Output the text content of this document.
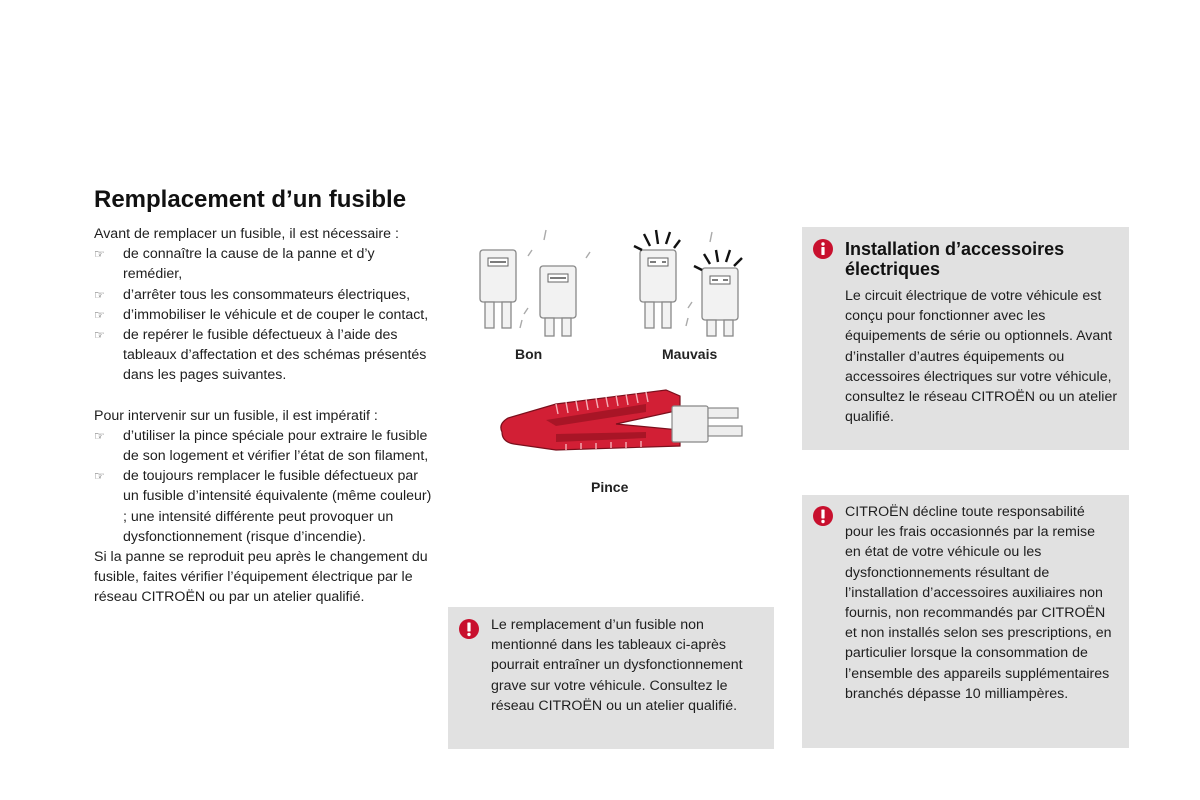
Remplacement d’un fusible

Avant de remplacer un fusible, il est nécessaire :

☞ de connaître la cause de la panne et d’y remédier,
☞ d’arrêter tous les consommateurs électriques,
☞ d’immobiliser le véhicule et de couper le contact,
☞ de repérer le fusible défectueux à l’aide des tableaux d’affectation et des schémas présentés dans les pages suivantes.

Pour intervenir sur un fusible, il est impératif :

☞ d’utiliser la pince spéciale pour extraire le fusible de son logement et vérifier l’état de son filament,
☞ de toujours remplacer le fusible défectueux par un fusible d’intensité équivalente (même couleur) ; une intensité différente peut provoquer un dysfonctionnement (risque d’incendie).

Si la panne se reproduit peu après le changement du fusible, faites vérifier l’équipement électrique par le réseau CITROËN ou par un atelier qualifié.

Bon	Mauvais
Pince
Installation d’accessoires électriques
Le circuit électrique de votre véhicule est conçu pour fonctionner avec les équipements de série ou optionnels. Avant d’installer d’autres équipements ou accessoires électriques sur votre véhicule, consultez le réseau CITROËN ou un atelier qualifié.
Le remplacement d’un fusible non mentionné dans les tableaux ci-après pourrait entraîner un dysfonctionnement grave sur votre véhicule. Consultez le réseau CITROËN ou un atelier qualifié.
CITROËN décline toute responsabilité pour les frais occasionnés par la remise en état de votre véhicule ou les dysfonctionnements résultant de l’installation d’accessoires auxiliaires non fournis, non recommandés par CITROËN et non installés selon ses prescriptions, en particulier lorsque la consommation de l’ensemble des appareils supplémentaires branchés dépasse 10 milliampères.
